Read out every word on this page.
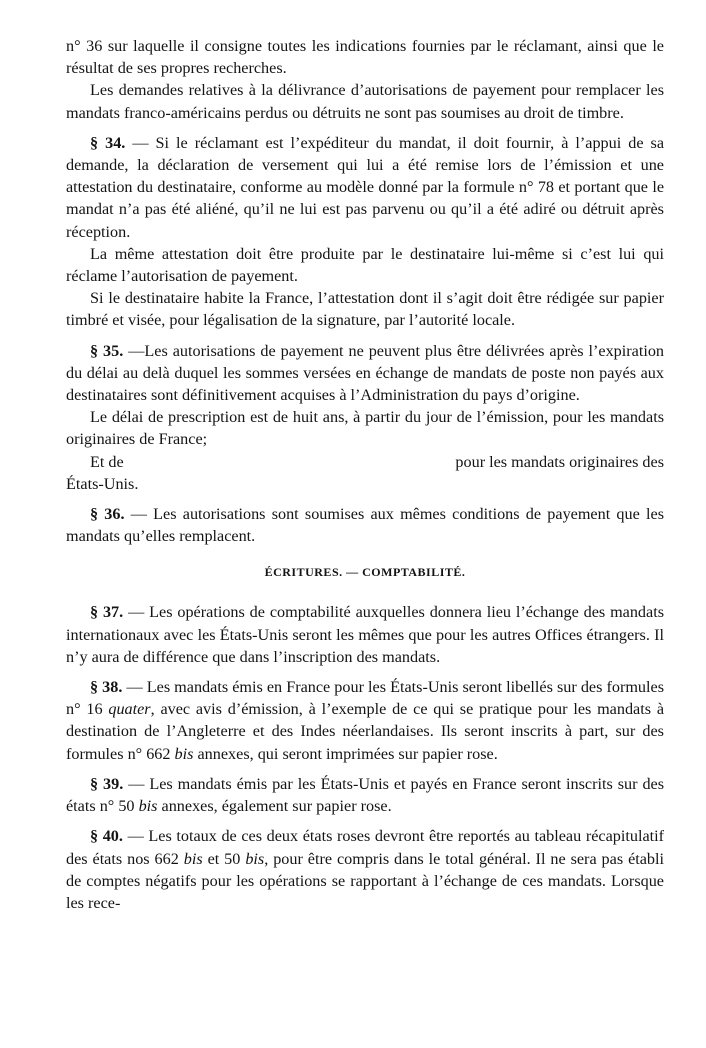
n° 36 sur laquelle il consigne toutes les indications fournies par le réclamant, ainsi que le résultat de ses propres recherches.

Les demandes relatives à la délivrance d’autorisations de payement pour remplacer les mandats franco-américains perdus ou détruits ne sont pas soumises au droit de timbre.

§ 34. — Si le réclamant est l’expéditeur du mandat, il doit fournir, à l’appui de sa demande, la déclaration de versement qui lui a été remise lors de l’émission et une attestation du destinataire, conforme au modèle donné par la formule n° 78 et portant que le mandat n’a pas été aliéné, qu’il ne lui est pas parvenu ou qu’il a été adiré ou détruit après réception.

La même attestation doit être produite par le destinataire lui-même si c’est lui qui réclame l’autorisation de payement.

Si le destinataire habite la France, l’attestation dont il s’agit doit être rédigée sur papier timbré et visée, pour légalisation de la signature, par l’autorité locale.

§ 35. —Les autorisations de payement ne peuvent plus être délivrées après l’expiration du délai au delà duquel les sommes versées en échange de mandats de poste non payés aux destinataires sont définitivement acquises à l’Administration du pays d’origine.

Le délai de prescription est de huit ans, à partir du jour de l’émission, pour les mandats originaires de France;

Et de	pour les mandats originaires des

États-Unis.

§ 36. — Les autorisations sont soumises aux mêmes conditions de payement que les mandats qu’elles remplacent.

ÉCRITURES. — COMPTABILITÉ.

§ 37. — Les opérations de comptabilité auxquelles donnera lieu l’échange des mandats internationaux avec les États-Unis seront les mêmes que pour les autres Offices étrangers. Il n’y aura de différence que dans l’inscription des mandats.

§ 38. — Les mandats émis en France pour les États-Unis seront libellés sur des formules n° 16 quater, avec avis d’émission, à l’exemple de ce qui se pratique pour les mandats à destination de l’Angleterre et des Indes néerlandaises. Ils seront inscrits à part, sur des formules n° 662 bis annexes, qui seront imprimées sur papier rose.

§ 39. — Les mandats émis par les États-Unis et payés en France seront inscrits sur des états n° 50 bis annexes, également sur papier rose.

§ 40. — Les totaux de ces deux états roses devront être reportés au tableau récapitulatif des états nos 662 bis et 50 bis, pour être compris dans le total général. Il ne sera pas établi de comptes négatifs pour les opérations se rapportant à l’échange de ces mandats. Lorsque les rece-
